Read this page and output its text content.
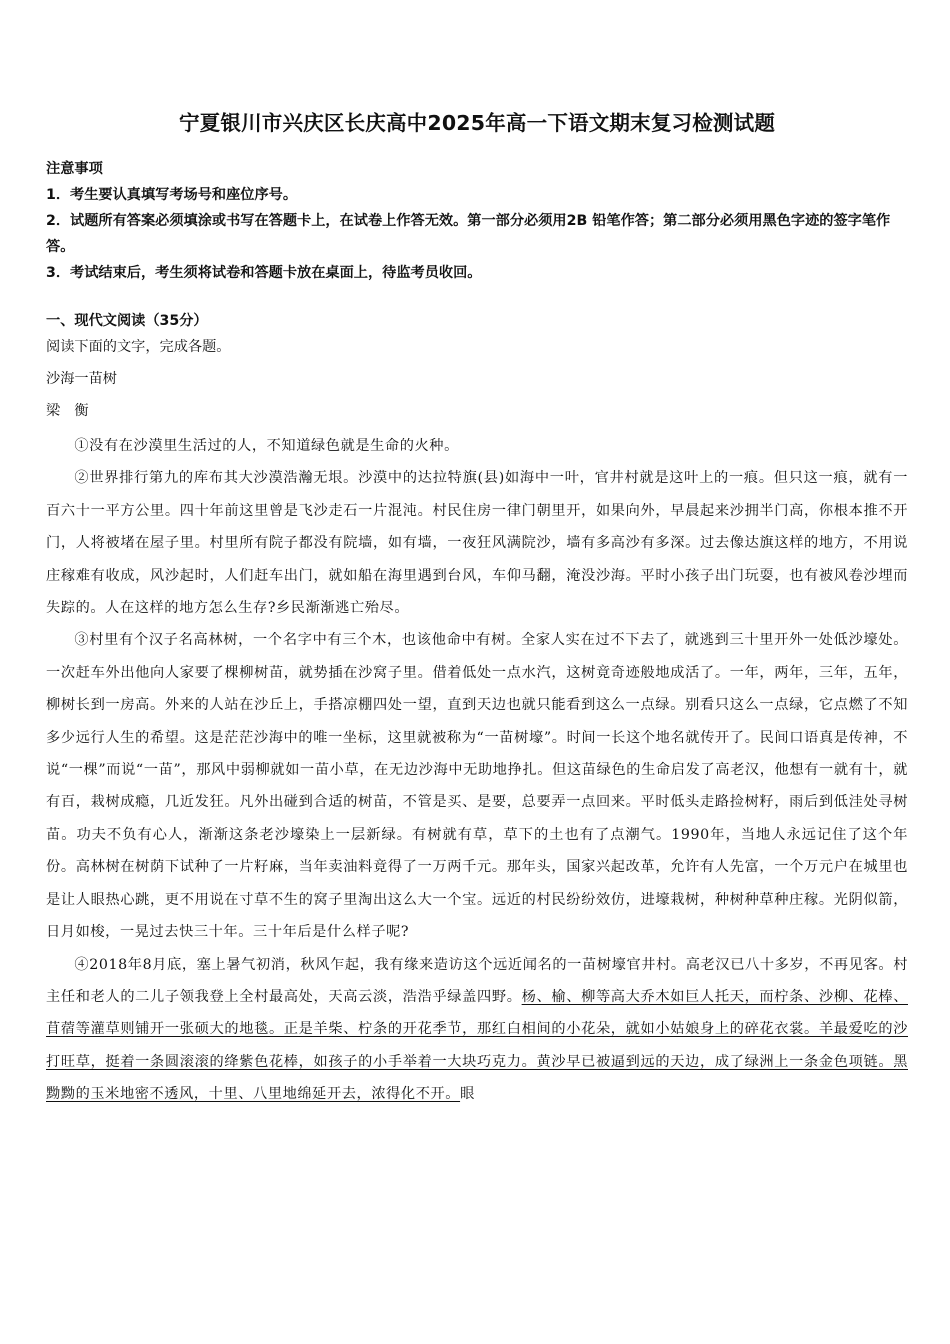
宁夏银川市兴庆区长庆高中2025年高一下语文期末复习检测试题
注意事项

1．考生要认真填写考场号和座位序号。

2．试题所有答案必须填涂或书写在答题卡上，在试卷上作答无效。第一部分必须用2B 铅笔作答；第二部分必须用黑色字迹的签字笔作答。

3．考试结束后，考生须将试卷和答题卡放在桌面上，待监考员收回。

一、现代文阅读（35分）

阅读下面的文字，完成各题。

沙海一苗树

梁　衡

①没有在沙漠里生活过的人，不知道绿色就是生命的火种。

②世界排行第九的库布其大沙漠浩瀚无垠。沙漠中的达拉特旗(县)如海中一叶，官井村就是这叶上的一痕。但只这一痕，就有一百六十一平方公里。四十年前这里曾是飞沙走石一片混沌。村民住房一律门朝里开，如果向外，早晨起来沙拥半门高，你根本推不开门，人将被堵在屋子里。村里所有院子都没有院墙，如有墙，一夜狂风满院沙，墙有多高沙有多深。过去像达旗这样的地方，不用说庄稼难有收成，风沙起时，人们赶车出门，就如船在海里遇到台风，车仰马翻，淹没沙海。平时小孩子出门玩耍，也有被风卷沙埋而失踪的。人在这样的地方怎么生存?乡民渐渐逃亡殆尽。

③村里有个汉子名高林树，一个名字中有三个木，也该他命中有树。全家人实在过不下去了，就逃到三十里开外一处低沙壕处。一次赶车外出他向人家要了棵柳树苗，就势插在沙窝子里。借着低处一点水汽，这树竟奇迹般地成活了。一年，两年，三年，五年，柳树长到一房高。外来的人站在沙丘上，手搭凉棚四处一望，直到天边也就只能看到这么一点绿。别看只这么一点绿，它点燃了不知多少远行人生的希望。这是茫茫沙海中的唯一坐标，这里就被称为“一苗树壕”。时间一长这个地名就传开了。民间口语真是传神，不说“一棵”而说“一苗”，那风中弱柳就如一苗小草，在无边沙海中无助地挣扎。但这苗绿色的生命启发了高老汉，他想有一就有十，就有百，栽树成瘾，几近发狂。凡外出碰到合适的树苗，不管是买、是要，总要弄一点回来。平时低头走路捡树籽，雨后到低洼处寻树苗。功夫不负有心人，渐渐这条老沙壕染上一层新绿。有树就有草，草下的土也有了点潮气。1990年，当地人永远记住了这个年份。高林树在树荫下试种了一片籽麻，当年卖油料竟得了一万两千元。那年头，国家兴起改革，允许有人先富，一个万元户在城里也是让人眼热心跳，更不用说在寸草不生的窝子里淘出这么大一个宝。远近的村民纷纷效仿，进壕栽树，种树种草种庄稼。光阴似箭，日月如梭，一晃过去快三十年。三十年后是什么样子呢?

④2018年8月底，塞上暑气初消，秋风乍起，我有缘来造访这个远近闻名的一苗树壕官井村。高老汉已八十多岁，不再见客。村主任和老人的二儿子领我登上全村最高处，天高云淡，浩浩乎绿盖四野。杨、榆、柳等高大乔木如巨人托天，而柠条、沙柳、花棒、苜蓿等灌草则铺开一张硕大的地毯。正是羊柴、柠条的开花季节，那红白相间的小花朵，就如小姑娘身上的碎花衣裳。羊最爱吃的沙打旺草，挺着一条圆滚滚的绛紫色花棒，如孩子的小手举着一大块巧克力。黄沙早已被逼到远的天边，成了绿洲上一条金色项链。黑黝黝的玉米地密不透风，十里、八里地绵延开去，浓得化不开。眼
